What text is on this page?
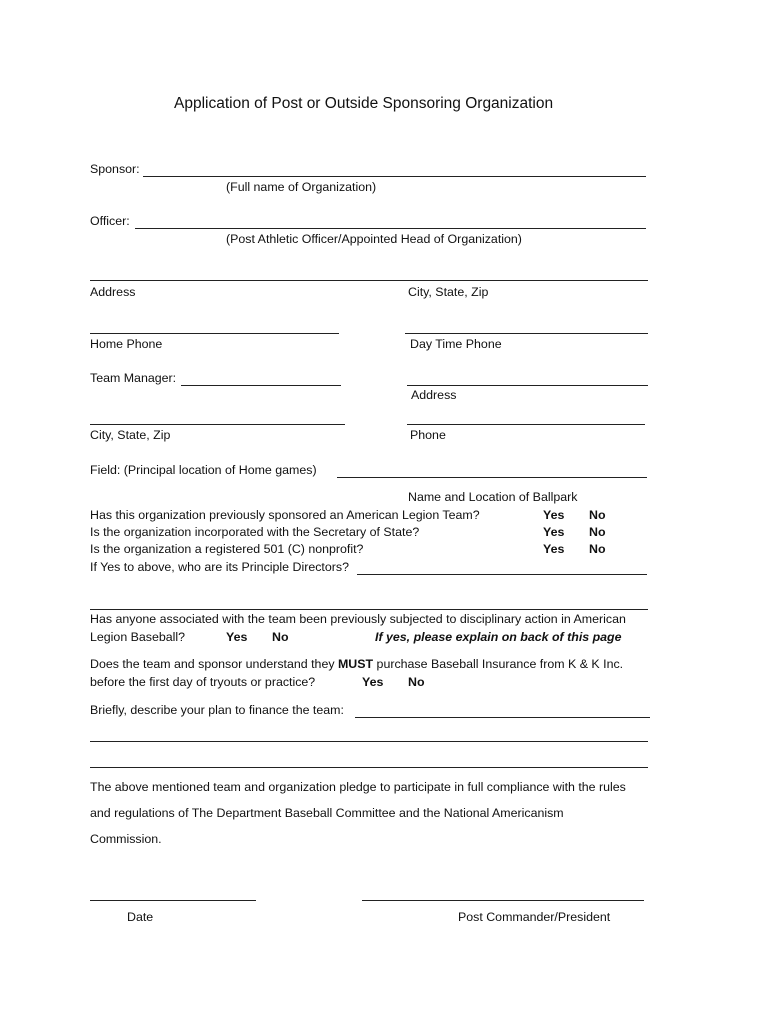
Application of Post or Outside Sponsoring Organization
Sponsor:
(Full name of Organization)
Officer:
(Post Athletic Officer/Appointed Head of Organization)
Address	City, State, Zip
Home Phone	Day Time Phone
Team Manager:
Address
City, State, Zip	Phone
Field: (Principal location of Home games)
Name and Location of Ballpark
Has this organization previously sponsored an American Legion Team?	Yes No
Is the organization incorporated with the Secretary of State?	Yes No
Is the organization a registered 501 (C) nonprofit?	Yes No
If Yes to above, who are its Principle Directors?
Has anyone associated with the team been previously subjected to disciplinary action in American
Legion Baseball?	Yes No	If yes, please explain on back of this page
Does the team and sponsor understand they MUST purchase Baseball Insurance from K & K Inc.
before the first day of tryouts or practice?	Yes No
Briefly, describe your plan to finance the team:
The above mentioned team and organization pledge to participate in full compliance with the rules
and regulations of The Department Baseball Committee and the National Americanism
Commission.
Date	Post Commander/President
